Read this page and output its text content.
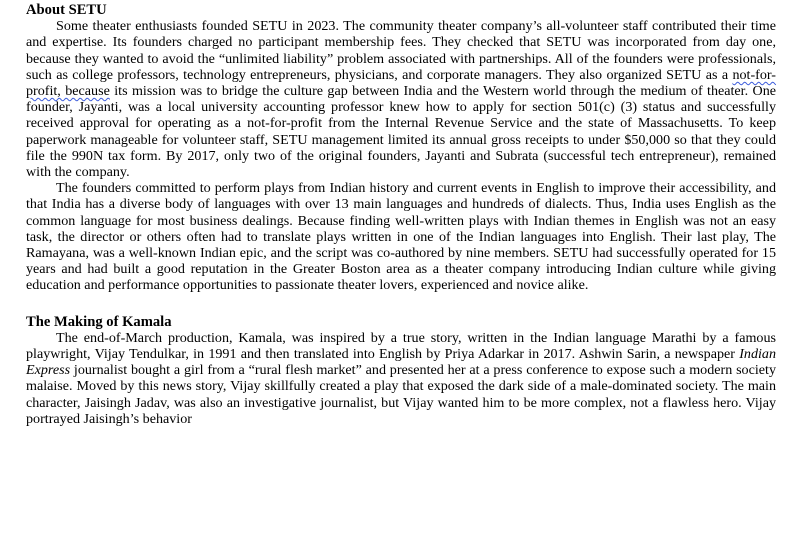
About SETU

Some theater enthusiasts founded SETU in 2023. The community theater company’s all-volunteer staff contributed their time and expertise. Its founders charged no participant membership fees. They checked that SETU was incorporated from day one, because they wanted to avoid the “unlimited liability” problem associated with partnerships. All of the founders were professionals, such as college professors, technology entrepreneurs, physicians, and corporate managers. They also organized SETU as a not-for-profit, because its mission was to bridge the culture gap between India and the Western world through the medium of theater. One founder, Jayanti, was a local university accounting professor knew how to apply for section 501(c) (3) status and successfully received approval for operating as a not-for-profit from the Internal Revenue Service and the state of Massachusetts. To keep paperwork manageable for volunteer staff, SETU management limited its annual gross receipts to under $50,000 so that they could file the 990N tax form. By 2017, only two of the original founders, Jayanti and Subrata (successful tech entrepreneur), remained with the company.

The founders committed to perform plays from Indian history and current events in English to improve their accessibility, and that India has a diverse body of languages with over 13 main languages and hundreds of dialects. Thus, India uses English as the common language for most business dealings. Because finding well-written plays with Indian themes in English was not an easy task, the director or others often had to translate plays written in one of the Indian languages into English. Their last play, The Ramayana, was a well-known Indian epic, and the script was co-authored by nine members. SETU had successfully operated for 15 years and had built a good reputation in the Greater Boston area as a theater company introducing Indian culture while giving education and performance opportunities to passionate theater lovers, experienced and novice alike.

The Making of Kamala

The end-of-March production, Kamala, was inspired by a true story, written in the Indian language Marathi by a famous playwright, Vijay Tendulkar, in 1991 and then translated into English by Priya Adarkar in 2017. Ashwin Sarin, a newspaper Indian Express journalist bought a girl from a “rural flesh market” and presented her at a press conference to expose such a modern society malaise. Moved by this news story, Vijay skillfully created a play that exposed the dark side of a male-dominated society. The main character, Jaisingh Jadav, was also an investigative journalist, but Vijay wanted him to be more complex, not a flawless hero. Vijay portrayed Jaisingh’s behavior
